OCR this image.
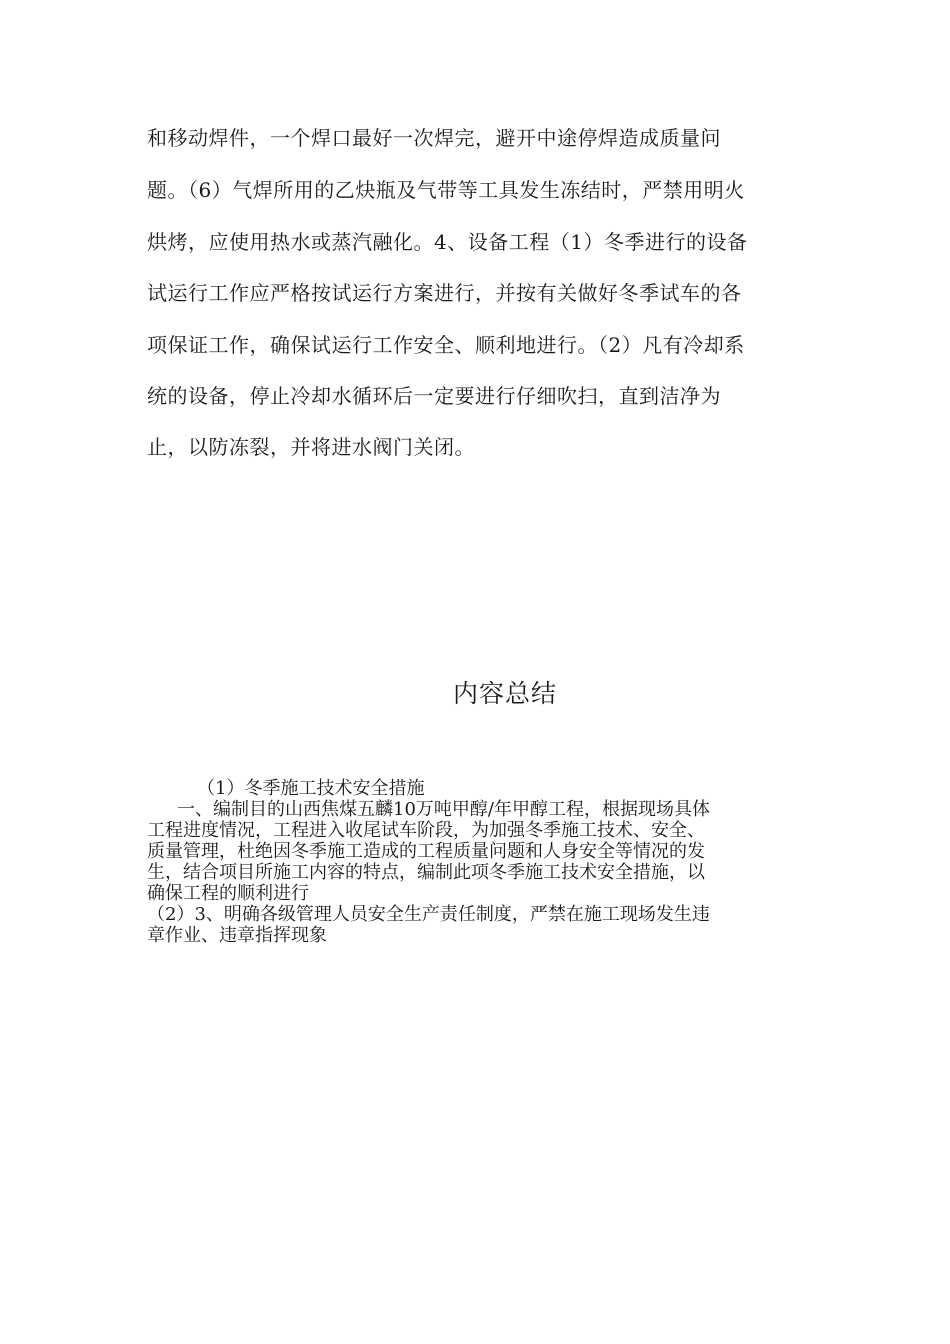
和移动焊件，一个焊口最好一次焊完，避开中途停焊造成质量问
题。（6）气焊所用的乙炔瓶及气带等工具发生冻结时，严禁用明火
烘烤，应使用热水或蒸汽融化。4、设备工程（1）冬季进行的设备
试运行工作应严格按试运行方案进行，并按有关做好冬季试车的各
项保证工作，确保试运行工作安全、顺利地进行。（2）凡有冷却系
统的设备，停止冷却水循环后一定要进行仔细吹扫，直到洁净为
止，以防冻裂，并将进水阀门关闭。
内容总结
（1）冬季施工技术安全措施
一、编制目的山西焦煤五麟10万吨甲醇/年甲醇工程，根据现场具体
工程进度情况，工程进入收尾试车阶段，为加强冬季施工技术、安全、
质量管理，杜绝因冬季施工造成的工程质量问题和人身安全等情况的发
生，结合项目所施工内容的特点，编制此项冬季施工技术安全措施，以
确保工程的顺利进行
（2）3、明确各级管理人员安全生产责任制度，严禁在施工现场发生违
章作业、违章指挥现象
